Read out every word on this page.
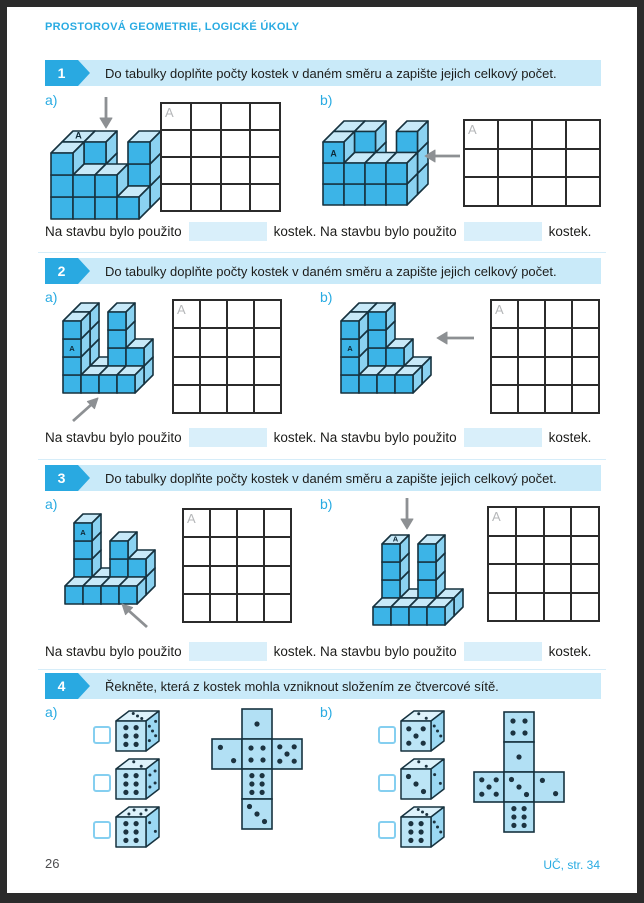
PROSTOROVÁ GEOMETRIE, LOGICKÉ ÚKOLY
1	Do tabulky doplňte počty kostek v daném směru a zapište jejich celkový počet.
2	Do tabulky doplňte počty kostek v daném směru a zapište jejich celkový počet.
3	Do tabulky doplňte počty kostek v daném směru a zapište jejich celkový počet.
4	Řekněte, která z kostek mohla vzniknout složením ze čtvercové sítě.
a)	b)
A
A
A
A
Na stavbu bylo použito	kostek. Na stavbu bylo použito	kostek.
a)	b)
A
A
A
A
Na stavbu bylo použito	kostek. Na stavbu bylo použito	kostek.
a)	b)
A
A
A
A
Na stavbu bylo použito	kostek. Na stavbu bylo použito	kostek.
a)	b)
26	UČ, str. 34
